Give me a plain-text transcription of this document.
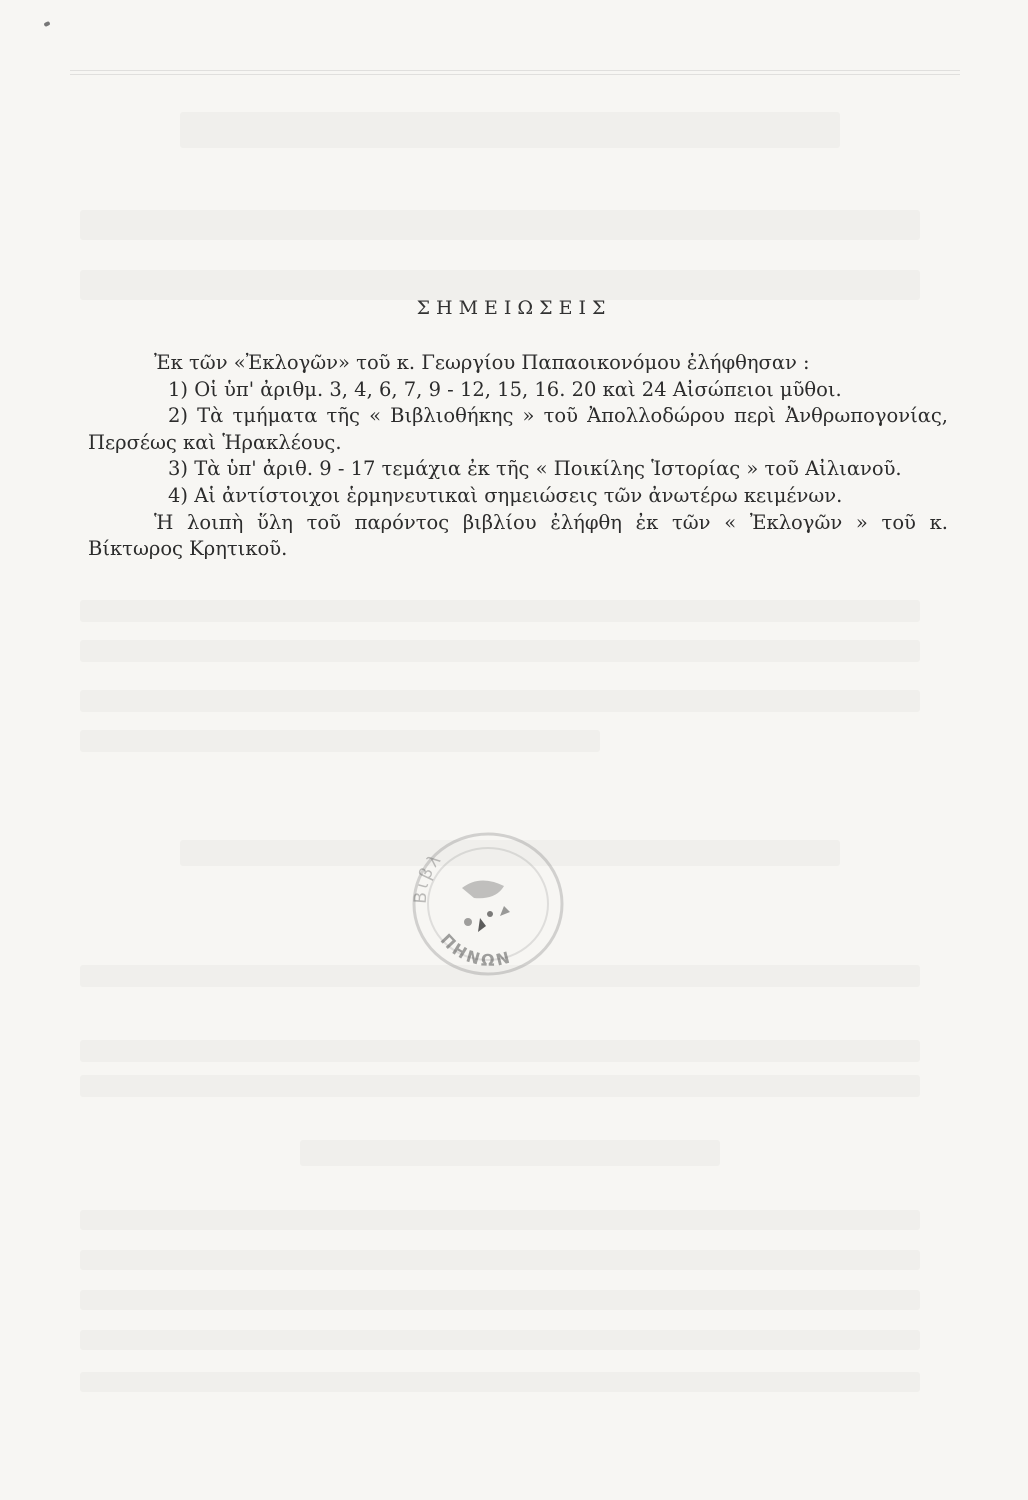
ΣΗΜΕΙΩΣΕΙΣ

Ἐκ τῶν «Ἐκλογῶν» τοῦ κ. Γεωργίου Παπαοικονόμου ἐλήφθησαν :

1) Οἱ ὑπ' ἀριθμ. 3, 4, 6, 7, 9 - 12, 15, 16. 20 καὶ 24 Αἰσώπειοι μῦθοι.

2) Τὰ τμήματα τῆς « Βιβλιοθήκης » τοῦ Ἀπολλοδώρου περὶ Ἀνθρωπογονίας, Περσέως καὶ Ἡρακλέους.

3) Τὰ ὑπ' ἀριθ. 9 - 17 τεμάχια ἐκ τῆς « Ποικίλης Ἱστορίας » τοῦ Αἰλιανοῦ.

4) Αἱ ἀντίστοιχοι ἑρμηνευτικαὶ σημειώσεις τῶν ἀνωτέρω κειμένων.

Ἡ λοιπὴ ὕλη τοῦ παρόντος βιβλίου ἐλήφθη ἐκ τῶν « Ἐκλογῶν » τοῦ κ. Βίκτωρος Κρητικοῦ.

Βιβλ
ΠΗΝΩΝ
